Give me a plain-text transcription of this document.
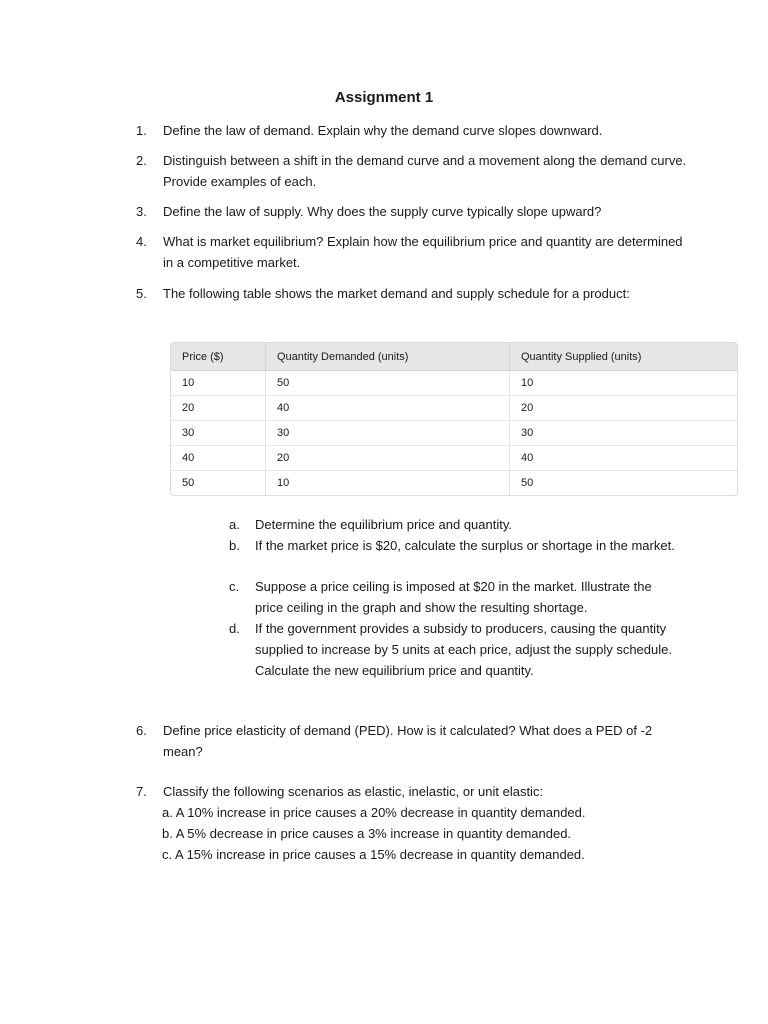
Assignment 1
1.	Define the law of demand. Explain why the demand curve slopes downward.
2.	Distinguish between a shift in the demand curve and a movement along the demand curve. Provide examples of each.
3.	Define the law of supply. Why does the supply curve typically slope upward?
4.	What is market equilibrium? Explain how the equilibrium price and quantity are determined in a competitive market.
5.	The following table shows the market demand and supply schedule for a product:
Price ($)	Quantity Demanded (units)	Quantity Supplied (units)
10	50	10
20	40	20
30	30	30
40	20	40
50	10	50
a.	Determine the equilibrium price and quantity.
b.	If the market price is $20, calculate the surplus or shortage in the market.
c.	Suppose a price ceiling is imposed at $20 in the market. Illustrate the price ceiling in the graph and show the resulting shortage.
d.	If the government provides a subsidy to producers, causing the quantity supplied to increase by 5 units at each price, adjust the supply schedule. Calculate the new equilibrium price and quantity.
6.	Define price elasticity of demand (PED). How is it calculated? What does a PED of -2 mean?
7.	Classify the following scenarios as elastic, inelastic, or unit elastic:
a. A 10% increase in price causes a 20% decrease in quantity demanded.
b. A 5% decrease in price causes a 3% increase in quantity demanded.
c. A 15% increase in price causes a 15% decrease in quantity demanded.
